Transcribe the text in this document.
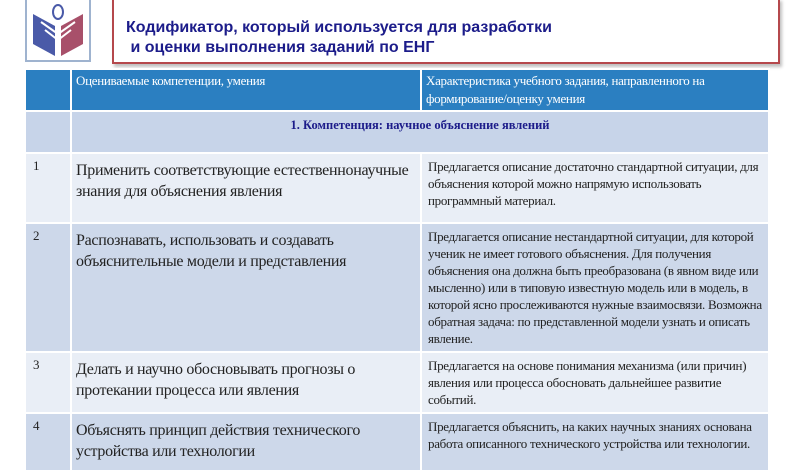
Кодификатор, который используется для разработки
и оценки выполнения заданий по ЕНГ
	Оцениваемые компетенции, умения	Характеристика учебного задания, направленного на формирование/оценку умения
	1. Компетенция: научное объяснение явлений	
1	Применить соответствующие естественнонаучные знания для объяснения явления	Предлагается описание достаточно стандартной ситуации, для объяснения которой можно напрямую использовать программный материал.
2	Распознавать, использовать и создавать объяснительные модели и представления	Предлагается описание нестандартной ситуации, для которой ученик не имеет готового объяснения. Для получения объяснения она должна быть преобразована (в явном виде или мысленно) или в типовую известную модель или в модель, в которой ясно прослеживаются нужные взаимосвязи. Возможна обратная задача: по представленной модели узнать и описать явление.
3	Делать и научно обосновывать прогнозы о протекании процесса или явления	Предлагается на основе понимания механизма (или причин) явления или процесса обосновать дальнейшее развитие событий.
4	Объяснять принцип действия технического устройства или технологии	Предлагается объяснить, на каких научных знаниях основана работа описанного технического устройства или технологии.
